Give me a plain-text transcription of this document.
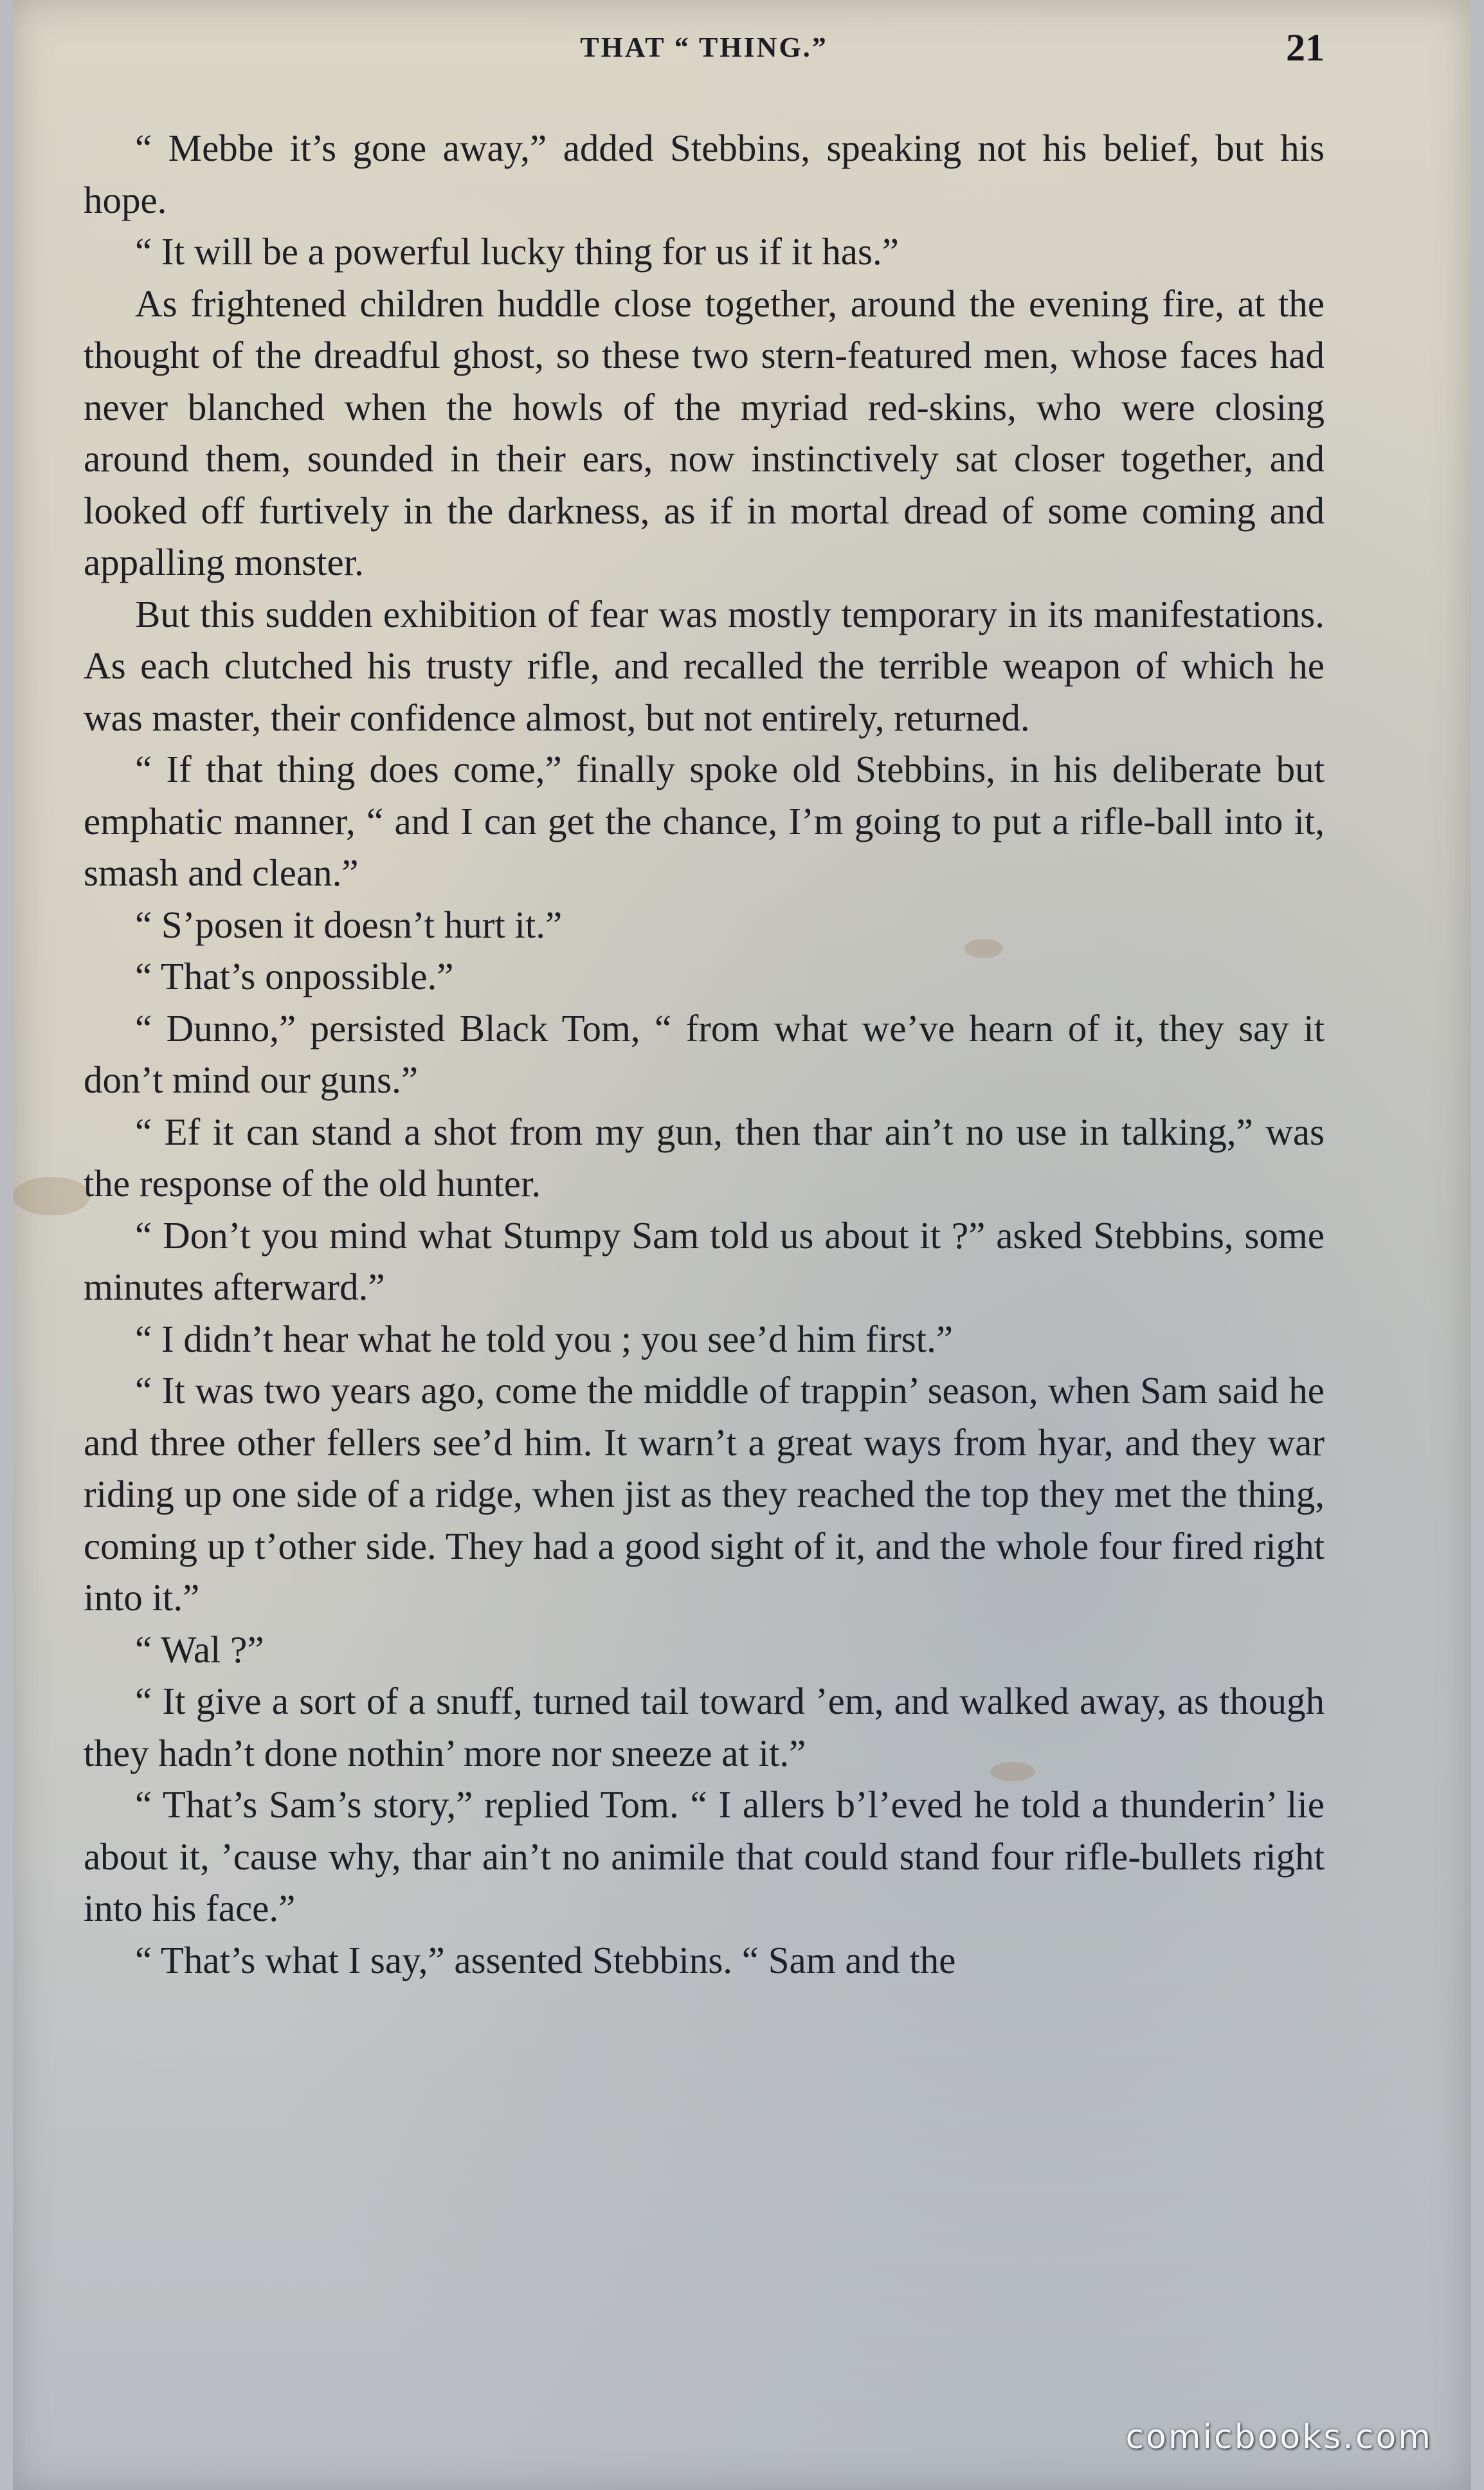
THAT “ THING.”	21

“ Mebbe it’s gone away,” added Stebbins, speaking not his belief, but his hope.

“ It will be a powerful lucky thing for us if it has.”

As frightened children huddle close together, around the evening fire, at the thought of the dreadful ghost, so these two stern-featured men, whose faces had never blanched when the howls of the myriad red-skins, who were closing around them, sounded in their ears, now instinctively sat closer together, and looked off furtively in the darkness, as if in mortal dread of some coming and appalling monster.

But this sudden exhibition of fear was mostly temporary in its manifestations. As each clutched his trusty rifle, and recalled the terrible weapon of which he was master, their confidence almost, but not entirely, returned.

“ If that thing does come,” finally spoke old Stebbins, in his deliberate but emphatic manner, “ and I can get the chance, I’m going to put a rifle-ball into it, smash and clean.”

“ S’posen it doesn’t hurt it.”

“ That’s onpossible.”

“ Dunno,” persisted Black Tom, “ from what we’ve hearn of it, they say it don’t mind our guns.”

“ Ef it can stand a shot from my gun, then thar ain’t no use in talking,” was the response of the old hunter.

“ Don’t you mind what Stumpy Sam told us about it ?” asked Stebbins, some minutes afterward.”

“ I didn’t hear what he told you ; you see’d him first.”

“ It was two years ago, come the middle of trappin’ season, when Sam said he and three other fellers see’d him. It warn’t a great ways from hyar, and they war riding up one side of a ridge, when jist as they reached the top they met the thing, coming up t’other side. They had a good sight of it, and the whole four fired right into it.”

“ Wal ?”

“ It give a sort of a snuff, turned tail toward ’em, and walked away, as though they hadn’t done nothin’ more nor sneeze at it.”

“ That’s Sam’s story,” replied Tom. “ I allers b’l’eved he told a thunderin’ lie about it, ’cause why, thar ain’t no animile that could stand four rifle-bullets right into his face.”

“ That’s what I say,” assented Stebbins. “ Sam and the

comicbooks.com
